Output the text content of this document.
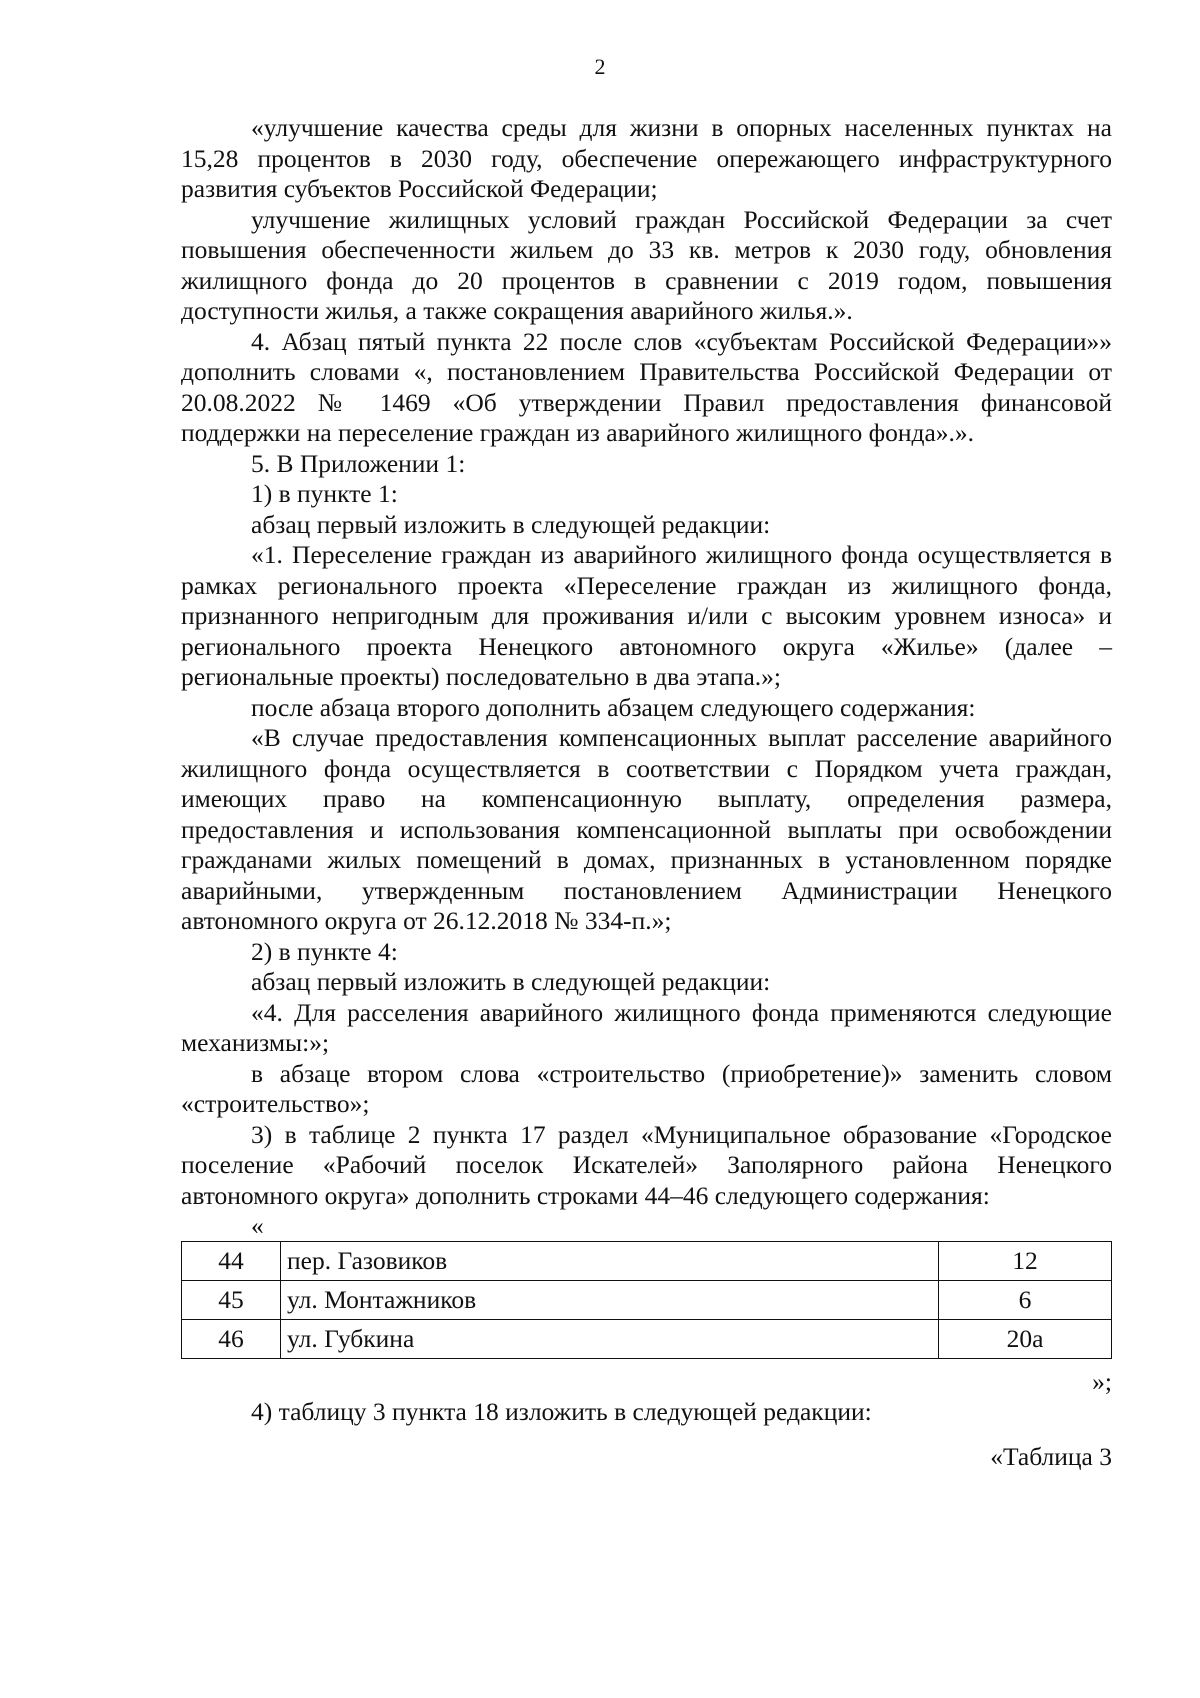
2

«улучшение качества среды для жизни в опорных населенных пунктах на 15,28 процентов в 2030 году, обеспечение опережающего инфраструктурного развития субъектов Российской Федерации;

улучшение жилищных условий граждан Российской Федерации за счет повышения обеспеченности жильем до 33 кв. метров к 2030 году, обновления жилищного фонда до 20 процентов в сравнении с 2019 годом, повышения доступности жилья, а также сокращения аварийного жилья.».

4. Абзац пятый пункта 22 после слов «субъектам Российской Федерации»» дополнить словами «, постановлением Правительства Российской Федерации от 20.08.2022 № 1469 «Об утверждении Правил предоставления финансовой поддержки на переселение граждан из аварийного жилищного фонда».».

5. В Приложении 1:

1) в пункте 1:

абзац первый изложить в следующей редакции:

«1. Переселение граждан из аварийного жилищного фонда осуществляется в рамках регионального проекта «Переселение граждан из жилищного фонда, признанного непригодным для проживания и/или с высоким уровнем износа» и регионального проекта Ненецкого автономного округа «Жилье» (далее – региональные проекты) последовательно в два этапа.»;

после абзаца второго дополнить абзацем следующего содержания:

«В случае предоставления компенсационных выплат расселение аварийного жилищного фонда осуществляется в соответствии с Порядком учета граждан, имеющих право на компенсационную выплату, определения размера, предоставления и использования компенсационной выплаты при освобождении гражданами жилых помещений в домах, признанных в установленном порядке аварийными, утвержденным постановлением Администрации Ненецкого автономного округа от 26.12.2018 № 334-п.»;

2) в пункте 4:

абзац первый изложить в следующей редакции:

«4. Для расселения аварийного жилищного фонда применяются следующие механизмы:»;

в абзаце втором слова «строительство (приобретение)» заменить словом «строительство»;

3) в таблице 2 пункта 17 раздел «Муниципальное образование «Городское поселение «Рабочий поселок Искателей» Заполярного района Ненецкого автономного округа» дополнить строками 44–46 следующего содержания:

«
44	пер. Газовиков	12
45	ул. Монтажников	6
46	ул. Губкина	20а
»;

4) таблицу 3 пункта 18 изложить в следующей редакции:

«Таблица 3
